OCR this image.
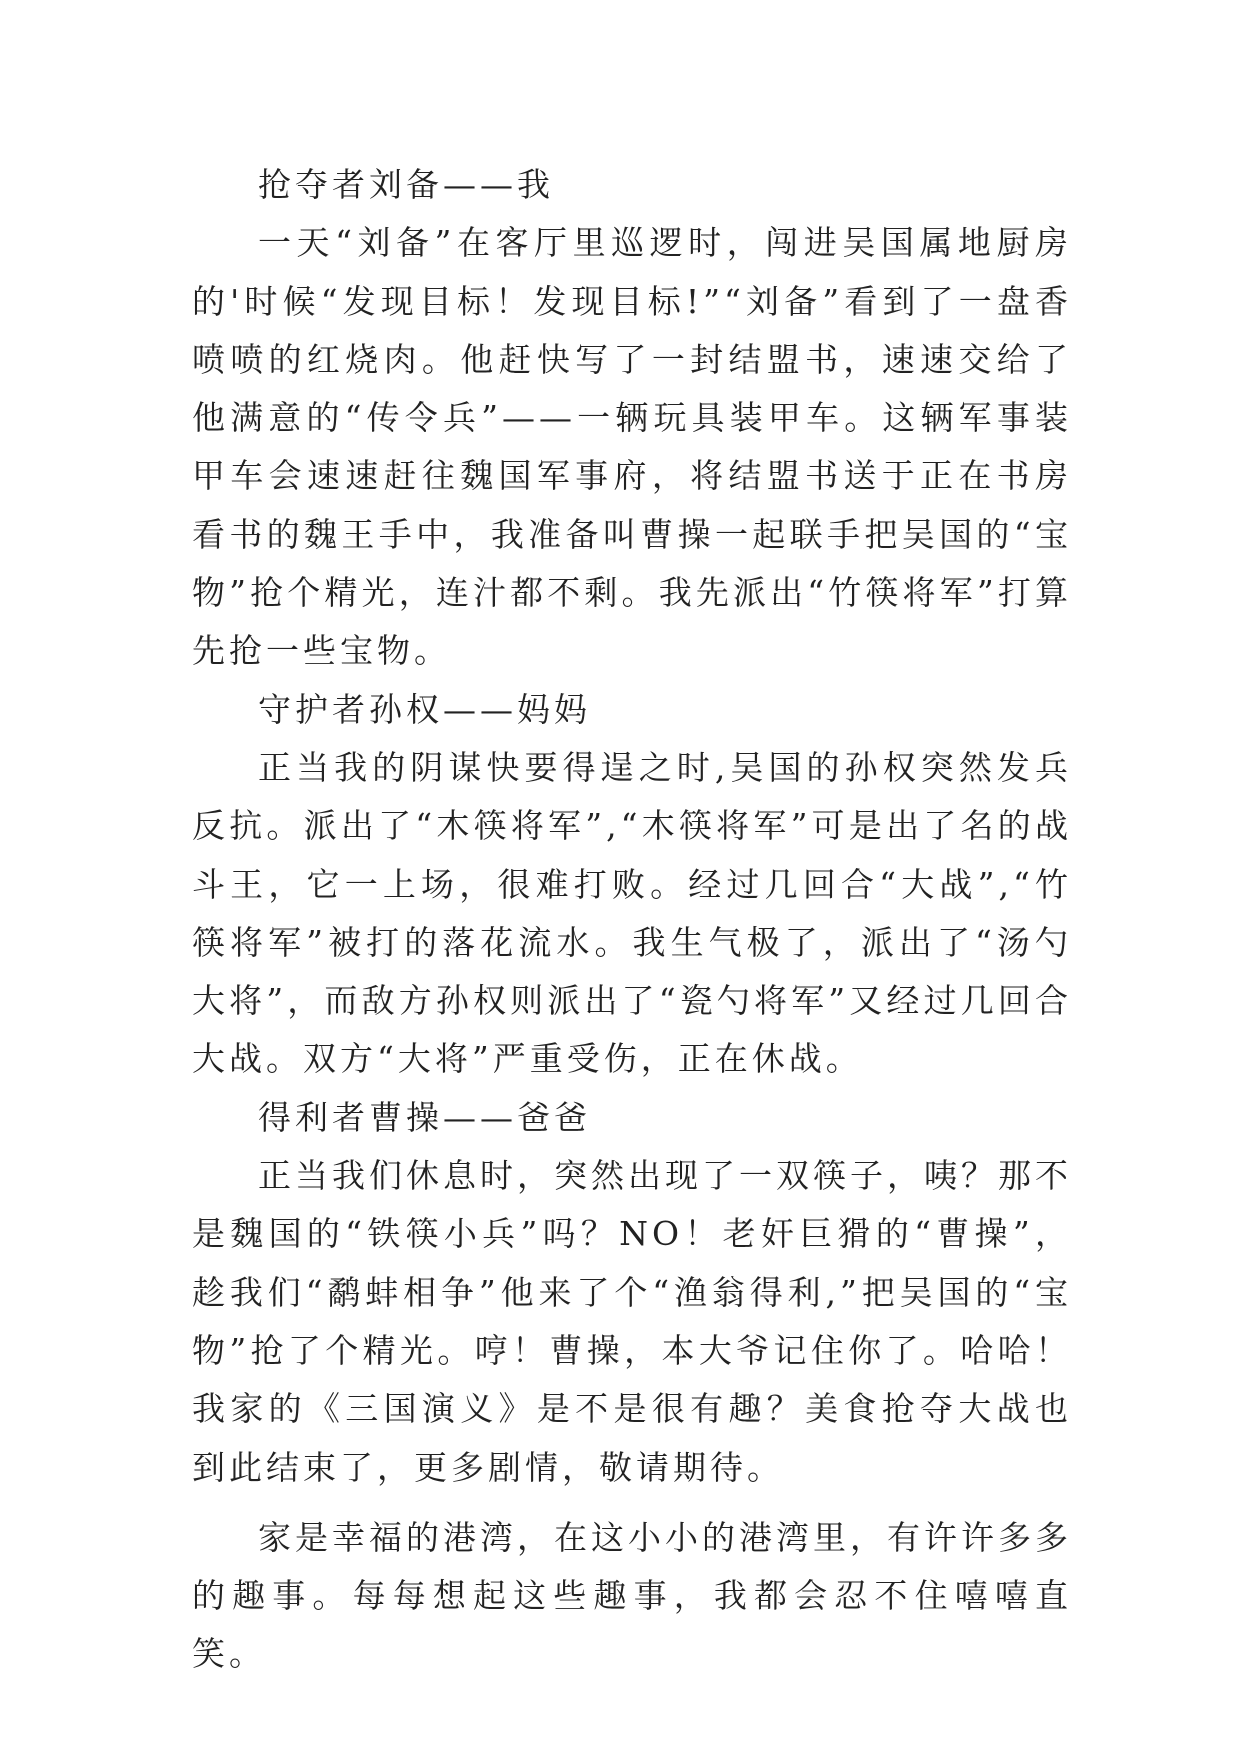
抢夺者刘备——我

一天“刘备”在客厅里巡逻时，闯进吴国属地厨房的'时候“发现目标！发现目标!”“刘备”看到了一盘香喷喷的红烧肉。他赶快写了一封结盟书，速速交给了他满意的“传令兵”——一辆玩具装甲车。这辆军事装甲车会速速赶往魏国军事府，将结盟书送于正在书房看书的魏王手中，我准备叫曹操一起联手把吴国的“宝物”抢个精光，连汁都不剩。我先派出“竹筷将军”打算先抢一些宝物。

守护者孙权——妈妈

正当我的阴谋快要得逞之时,吴国的孙权突然发兵反抗。派出了“木筷将军”,“木筷将军”可是出了名的战斗王，它一上场，很难打败。经过几回合“大战”,“竹筷将军”被打的落花流水。我生气极了，派出了“汤勺大将”，而敌方孙权则派出了“瓷勺将军”又经过几回合大战。双方“大将”严重受伤，正在休战。

得利者曹操——爸爸

正当我们休息时，突然出现了一双筷子，咦？那不是魏国的“铁筷小兵”吗？NO！老奸巨猾的“曹操”，趁我们“鹬蚌相争”他来了个“渔翁得利,”把吴国的“宝物”抢了个精光。哼！曹操，本大爷记住你了。哈哈！我家的《三国演义》是不是很有趣？美食抢夺大战也到此结束了，更多剧情，敬请期待。

家是幸福的港湾，在这小小的港湾里，有许许多多的趣事。每每想起这些趣事，我都会忍不住嘻嘻直笑。
